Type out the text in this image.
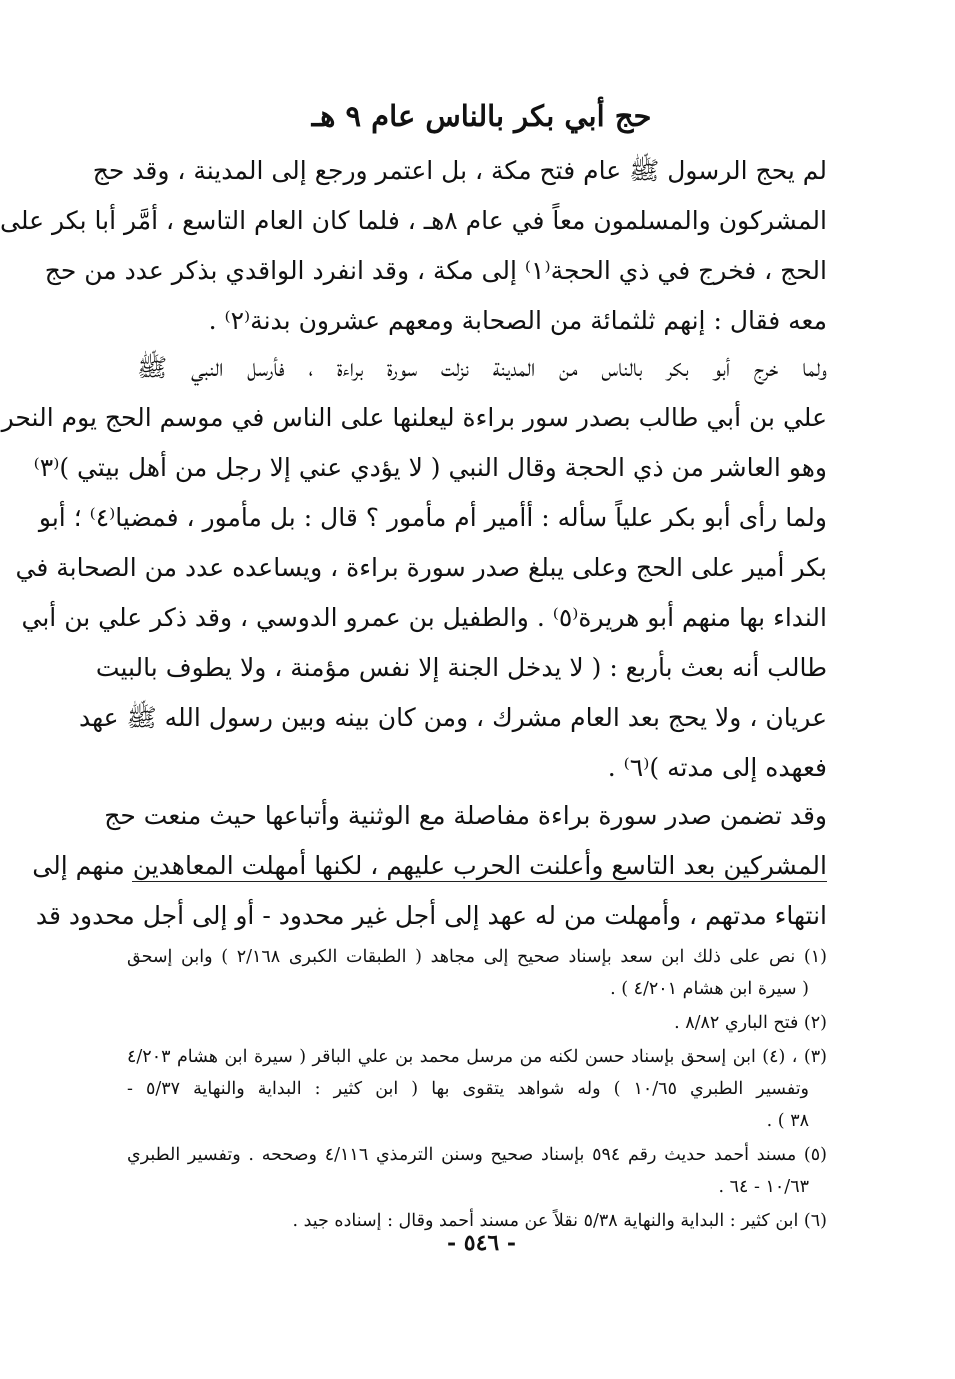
حج أبي بكر بالناس عام ٩ هـ
لم يحج الرسول ﷺ عام فتح مكة ، بل اعتمر ورجع إلى المدينة ، وقد حج
المشركون والمسلمون معاً في عام ٨هـ ، فلما كان العام التاسع ، أمَّر أبا بكر على
الحج ، فخرج في ذي الحجة⁽١⁾ إلى مكة ، وقد انفرد الواقدي بذكر عدد من حج
معه فقال : إنهم ثلثمائة من الصحابة ومعهم عشرون بدنة⁽٢⁾ .
ولما خرج أبو بكر بالناس من المدينة نزلت سورة براءة ، فأرسل النبي ﷺ
علي بن أبي طالب بصدر سور براءة ليعلنها على الناس في موسم الحج يوم النحر
وهو العاشر من ذي الحجة وقال النبي ( لا يؤدي عني إلا رجل من أهل بيتي )⁽٣⁾
ولما رأى أبو بكر علياً سأله : أأمير أم مأمور ؟ قال : بل مأمور ، فمضيا⁽٤⁾ ؛ أبو
بكر أمير على الحج وعلى يبلغ صدر سورة براءة ، ويساعده عدد من الصحابة في
النداء بها منهم أبو هريرة⁽٥⁾ . والطفيل بن عمرو الدوسي ، وقد ذكر علي بن أبي
طالب أنه بعث بأربع : ( لا يدخل الجنة إلا نفس مؤمنة ، ولا يطوف بالبيت
عريان ، ولا يحج بعد العام مشرك ، ومن كان بينه وبين رسول الله ﷺ عهد
فعهده إلى مدته )⁽٦⁾ .
وقد تضمن صدر سورة براءة مفاصلة مع الوثنية وأتباعها حيث منعت حج
المشركين بعد التاسع وأعلنت الحرب عليهم ، لكنها أمهلت المعاهدين منهم إلى
انتهاء مدتهم ، وأمهلت من له عهد إلى أجل غير محدود - أو إلى أجل محدود قد
(١) نص على ذلك ابن سعد بإسناد صحيح إلى مجاهد ( الطبقات الكبرى ٢/١٦٨ ) وابن إسحق
( سيرة ابن هشام ٤/٢٠١ ) .
(٢) فتح الباري ٨/٨٢ .
(٣) ، (٤) ابن إسحق بإسناد حسن لكنه من مرسل محمد بن علي الباقر ( سيرة ابن هشام ٤/٢٠٣
وتفسير الطبري ١٠/٦٥ ) وله شواهد يتقوى بها ( ابن كثير : البداية والنهاية ٥/٣٧ -
٣٨ ) .
(٥) مسند أحمد حديث رقم ٥٩٤ بإسناد صحيح وسنن الترمذي ٤/١١٦ وصححه . وتفسير الطبري
١٠/٦٣ - ٦٤ .
(٦) ابن كثير : البداية والنهاية ٥/٣٨ نقلاً عن مسند أحمد وقال : إسناده جيد .
- ٥٤٦ -
